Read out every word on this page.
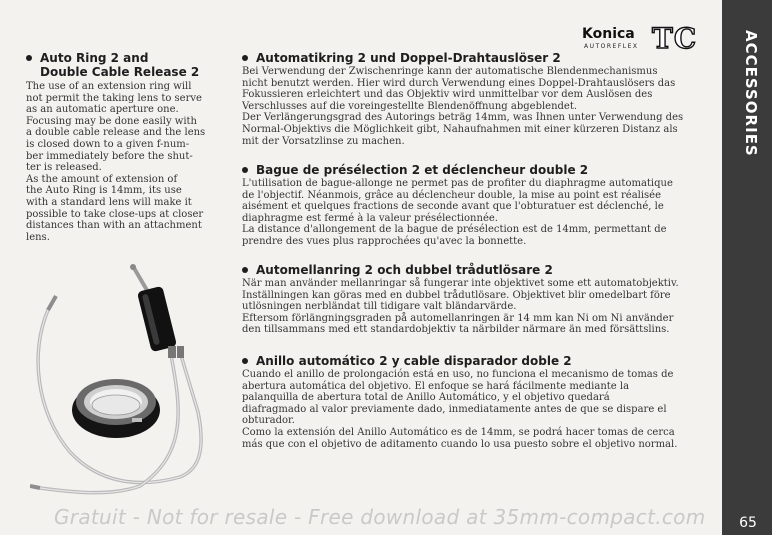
Konica
AUTOREFLEX TC
Auto Ring 2 and
Double Cable Release 2
The use of an extension ring will
not permit the taking lens to serve
as an automatic aperture one.
Focusing may be done easily with
a double cable release and the lens
is closed down to a given f-num-
ber immediately before the shut-
ter is released.
As the amount of extension of
the Auto Ring is 14mm, its use
with a standard lens will make it
possible to take close-ups at closer
distances than with an attachment
lens.
Automatikring 2 und Doppel-Drahtauslöser 2
Bei Verwendung der Zwischenringe kann der automatische Blendenmechanismus
nicht benutzt werden. Hier wird durch Verwendung eines Doppel-Drahtauslösers das
Fokussieren erleichtert und das Objektiv wird unmittelbar vor dem Auslösen des
Verschlusses auf die voreingestellte Blendenöffnung abgeblendet.
Der Verlängerungsgrad des Autorings beträg 14mm, was Ihnen unter Verwendung des
Normal-Objektivs die Möglichkeit gibt, Nahaufnahmen mit einer kürzeren Distanz als
mit der Vorsatzlinse zu machen.
Bague de présélection 2 et déclencheur double 2
L'utilisation de bague-allonge ne permet pas de profiter du diaphragme automatique
de l'objectif. Néanmois, grâce au déclencheur double, la mise au point est réalisée
aisément et quelques fractions de seconde avant que l'obturatuer est déclenché, le
diaphragme est fermé à la valeur présélectionnée.
La distance d'allongement de la bague de présélection est de 14mm, permettant de
prendre des vues plus rapprochées qu'avec la bonnette.
Automellanring 2 och dubbel trådutlösare 2
När man använder mellanringar så fungerar inte objektivet some ett automatobjektiv.
Inställningen kan göras med en dubbel trådutlösare. Objektivet blir omedelbart före
utlösningen nerbländat till tidigare valt bländarvärde.
Eftersom förlängningsgraden på automellanringen är 14 mm kan Ni om Ni använder
den tillsammans med ett standardobjektiv ta närbilder närmare än med försättslins.
Anillo automático 2 y cable disparador doble 2
Cuando el anillo de prolongación está en uso, no funciona el mecanismo de tomas de
abertura automática del objetivo. El enfoque se hará fácilmente mediante la
palanquilla de abertura total de Anillo Automático, y el objetivo quedará
diafragmado al valor previamente dado, inmediatamente antes de que se dispare el
obturador.
Como la extensión del Anillo Automático es de 14mm, se podrá hacer tomas de cerca
más que con el objetivo de aditamento cuando lo usa puesto sobre el objetivo normal.
ACCESSORIES
65
Gratuit - Not for resale - Free download at 35mm-compact.com
